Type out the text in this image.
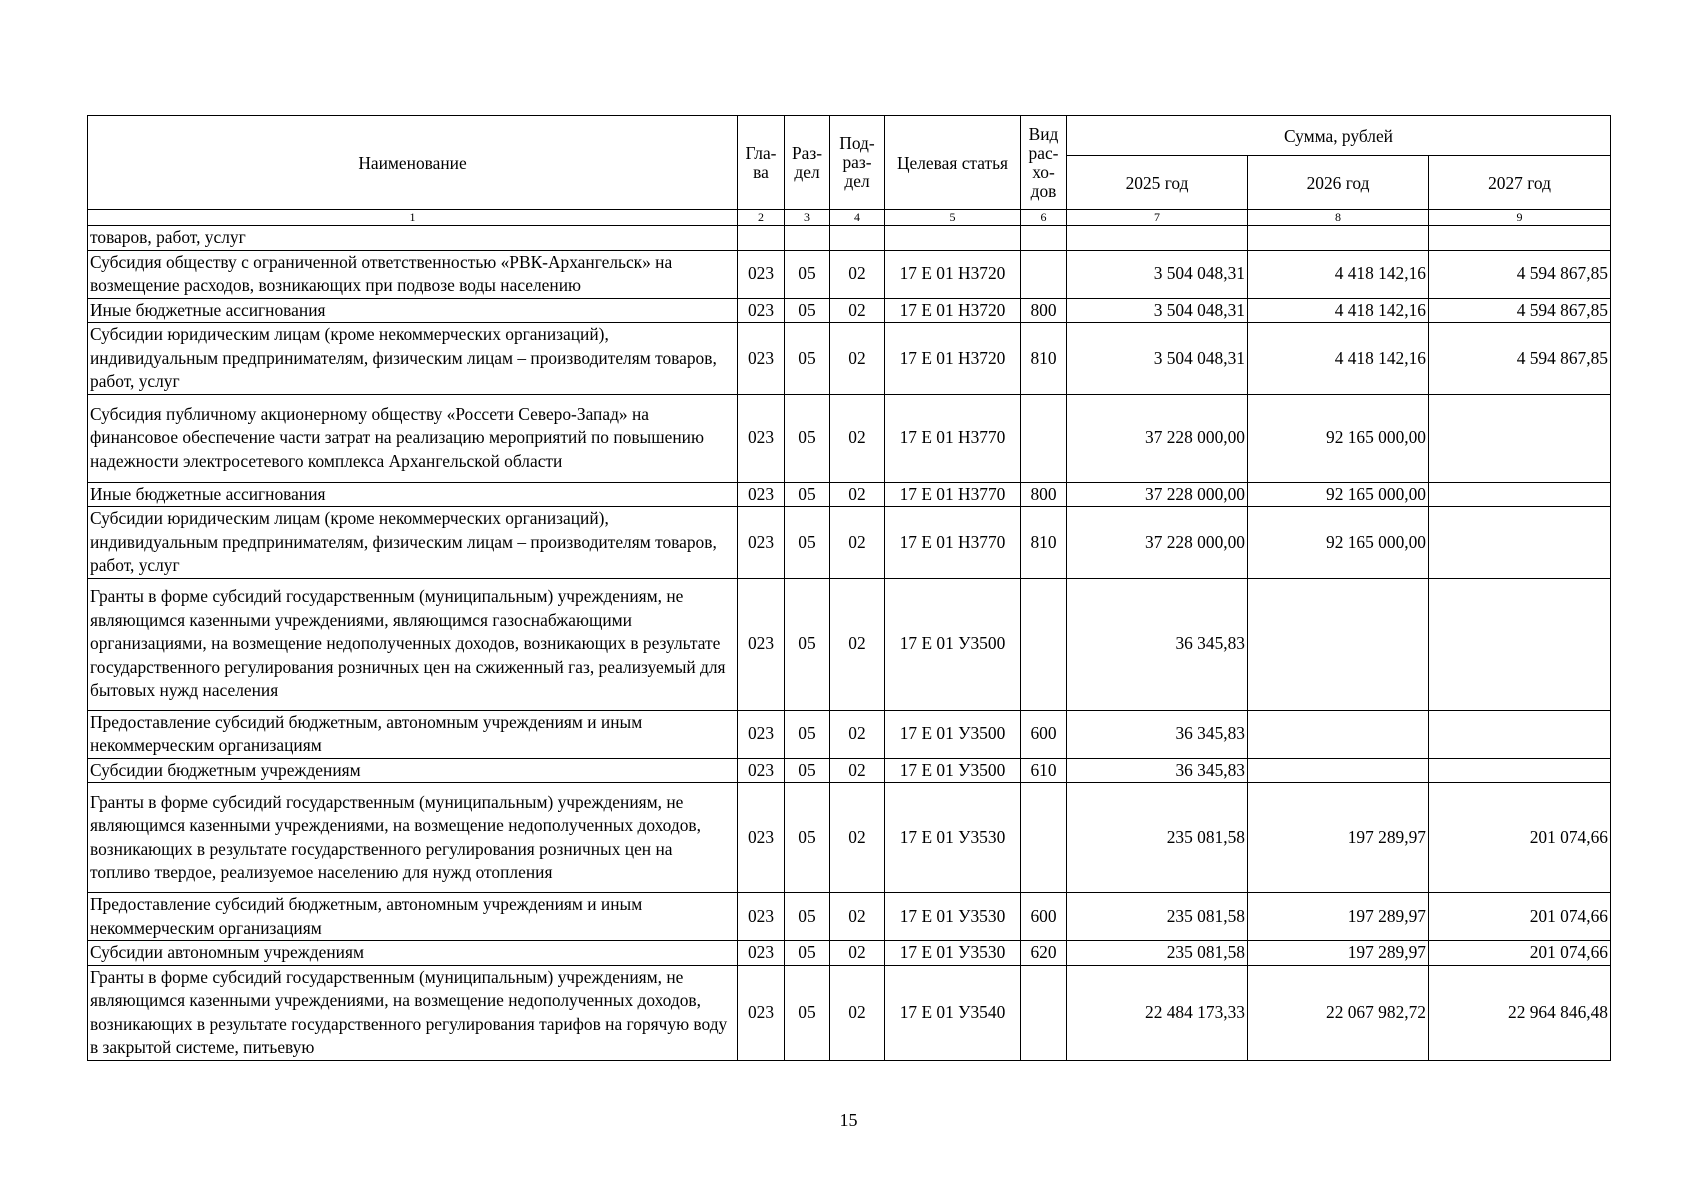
Наименование	Гла-ва	Раз-дел	Под-раз-дел	Целевая статья	Вид рас-хо-дов	Сумма, рублей		
						2025 год	2026 год	2027 год
1	2	3	4	5	6	7	8	9
товаров, работ, услуг								
Субсидия обществу с ограниченной ответственностью «РВК-Архангельск» на возмещение расходов, возникающих при подвозе воды населению	023	05	02	17 Е 01 Н3720		3 504 048,31	4 418 142,16	4 594 867,85
Иные бюджетные ассигнования	023	05	02	17 Е 01 Н3720	800	3 504 048,31	4 418 142,16	4 594 867,85
Субсидии юридическим лицам (кроме некоммерческих организаций), индивидуальным предпринимателям, физическим лицам – производителям товаров, работ, услуг	023	05	02	17 Е 01 Н3720	810	3 504 048,31	4 418 142,16	4 594 867,85
Субсидия публичному акционерному обществу «Россети Северо-Запад» на финансовое обеспечение части затрат на реализацию мероприятий по повышению надежности электросетевого комплекса Архангельской области	023	05	02	17 Е 01 Н3770		37 228 000,00	92 165 000,00	
Иные бюджетные ассигнования	023	05	02	17 Е 01 Н3770	800	37 228 000,00	92 165 000,00	
Субсидии юридическим лицам (кроме некоммерческих организаций), индивидуальным предпринимателям, физическим лицам – производителям товаров, работ, услуг	023	05	02	17 Е 01 Н3770	810	37 228 000,00	92 165 000,00	
Гранты в форме субсидий государственным (муниципальным) учреждениям, не являющимся казенными учреждениями, являющимся газоснабжающими организациями, на возмещение недополученных доходов, возникающих в результате государственного регулирования розничных цен на сжиженный газ, реализуемый для бытовых нужд населения	023	05	02	17 Е 01 У3500		36 345,83		
Предоставление субсидий бюджетным, автономным учреждениям и иным некоммерческим организациям	023	05	02	17 Е 01 У3500	600	36 345,83		
Субсидии бюджетным учреждениям	023	05	02	17 Е 01 У3500	610	36 345,83		
Гранты в форме субсидий государственным (муниципальным) учреждениям, не являющимся казенными учреждениями, на возмещение недополученных доходов, возникающих в результате государственного регулирования розничных цен на топливо твердое, реализуемое населению для нужд отопления	023	05	02	17 Е 01 У3530		235 081,58	197 289,97	201 074,66
Предоставление субсидий бюджетным, автономным учреждениям и иным некоммерческим организациям	023	05	02	17 Е 01 У3530	600	235 081,58	197 289,97	201 074,66
Субсидии автономным учреждениям	023	05	02	17 Е 01 У3530	620	235 081,58	197 289,97	201 074,66
Гранты в форме субсидий государственным (муниципальным) учреждениям, не являющимся казенными учреждениями, на возмещение недополученных доходов, возникающих в результате государственного регулирования тарифов на горячую воду в закрытой системе, питьевую	023	05	02	17 Е 01 У3540		22 484 173,33	22 067 982,72	22 964 846,48
15
